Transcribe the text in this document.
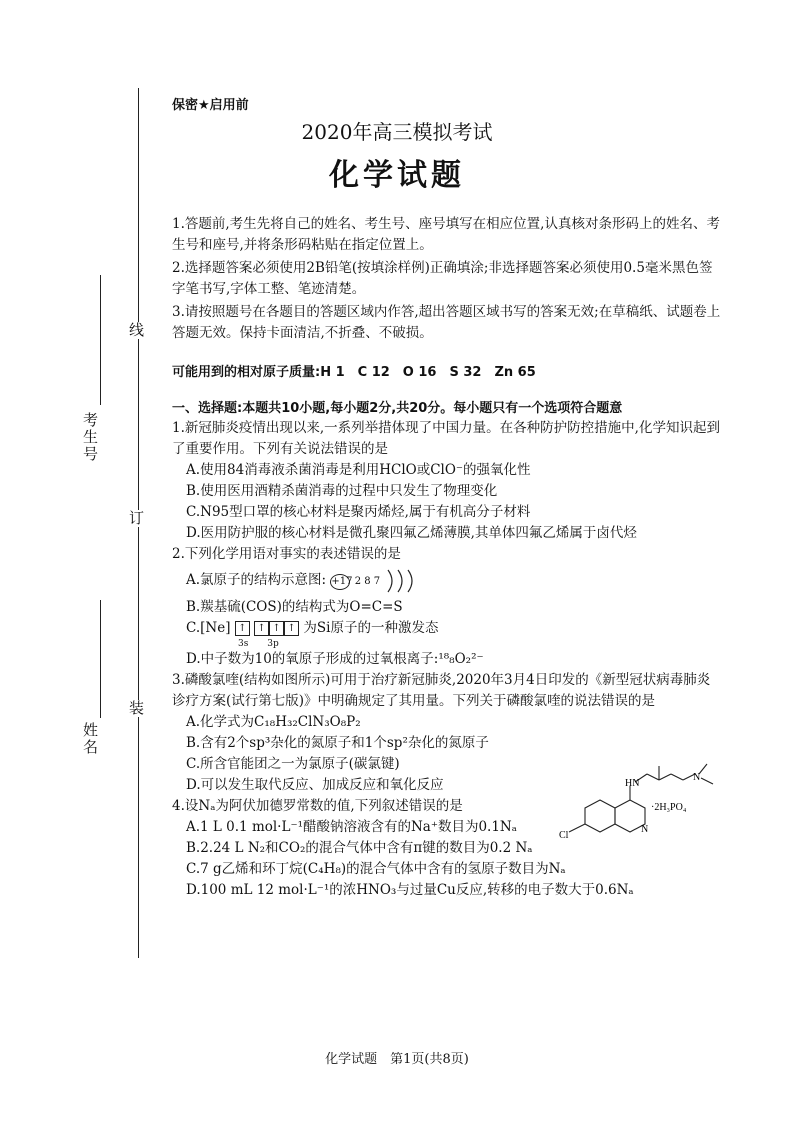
考生号
姓名
线
订
装
保密★启用前
2020年高三模拟考试
化学试题

1.答题前,考生先将自己的姓名、考生号、座号填写在相应位置,认真核对条形码上的姓名、考生号和座号,并将条形码粘贴在指定位置上。

2.选择题答案必须使用2B铅笔(按填涂样例)正确填涂;非选择题答案必须使用0.5毫米黑色签字笔书写,字体工整、笔迹清楚。

3.请按照题号在各题目的答题区域内作答,超出答题区域书写的答案无效;在草稿纸、试题卷上答题无效。保持卡面清洁,不折叠、不破损。

可能用到的相对原子质量:H 1　C 12　O 16　S 32　Zn 65
一、选择题:本题共10小题,每小题2分,共20分。每小题只有一个选项符合题意

1.新冠肺炎疫情出现以来,一系列举措体现了中国力量。在各种防护防控措施中,化学知识起到了重要作用。下列有关说法错误的是

A.使用84消毒液杀菌消毒是利用HClO或ClO⁻的强氧化性

B.使用医用酒精杀菌消毒的过程中只发生了物理变化

C.N95型口罩的核心材料是聚丙烯烃,属于有机高分子材料

D.医用防护服的核心材料是微孔聚四氟乙烯薄膜,其单体四氟乙烯属于卤代烃

2.下列化学用语对事实的表述错误的是

A.氯原子的结构示意图: +17 2 8 7

B.羰基硫(COS)的结构式为O=C=S

C.[Ne] ↑ ↑ ↑ ↑ 为Si原子的一种激发态

3s 3p

D.中子数为10的氧原子形成的过氧根离子:¹⁸₈O₂²⁻

3.磷酸氯喹(结构如图所示)可用于治疗新冠肺炎,2020年3月4日印发的《新型冠状病毒肺炎诊疗方案(试行第七版)》中明确规定了其用量。下列关于磷酸氯喹的说法错误的是

A.化学式为C₁₈H₃₂ClN₃O₈P₂

B.含有2个sp³杂化的氮原子和1个sp²杂化的氮原子

C.所含官能团之一为氯原子(碳氯键)

D.可以发生取代反应、加成反应和氧化反应

4.设Nₐ为阿伏加德罗常数的值,下列叙述错误的是

A.1 L 0.1 mol·L⁻¹醋酸钠溶液含有的Na⁺数目为0.1Nₐ

B.2.24 L N₂和CO₂的混合气体中含有π键的数目为0.2 Nₐ

C.7 g乙烯和环丁烷(C₄H₈)的混合气体中含有的氢原子数目为Nₐ

D.100 mL 12 mol·L⁻¹的浓HNO₃与过量Cu反应,转移的电子数大于0.6Nₐ

Cl
HN
N
N
·2H₃PO₄
化学试题　第1页(共8页)
